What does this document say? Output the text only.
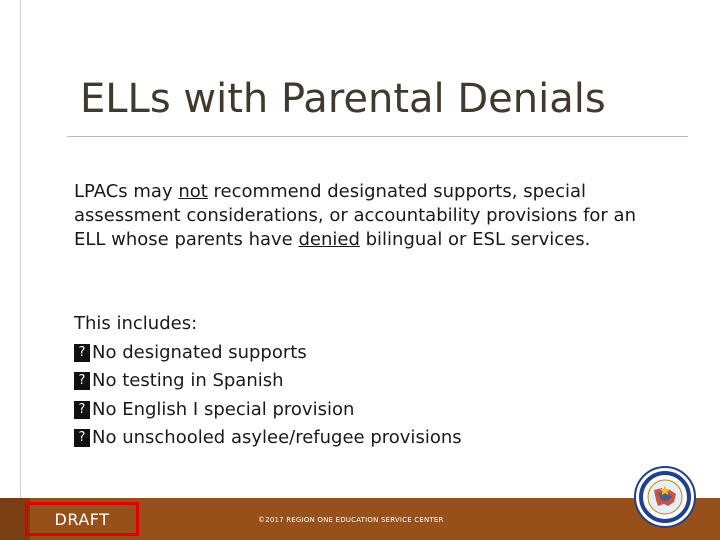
ELLs with Parental Denials

LPACs may not recommend designated supports, special assessment considerations, or accountability provisions for an ELL whose parents have denied bilingual or ESL services.

This includes:
? No designated supports
? No testing in Spanish
? No English I special provision
? No unschooled asylee/refugee provisions
DRAFT	©2017 REGION ONE EDUCATION SERVICE CENTER
